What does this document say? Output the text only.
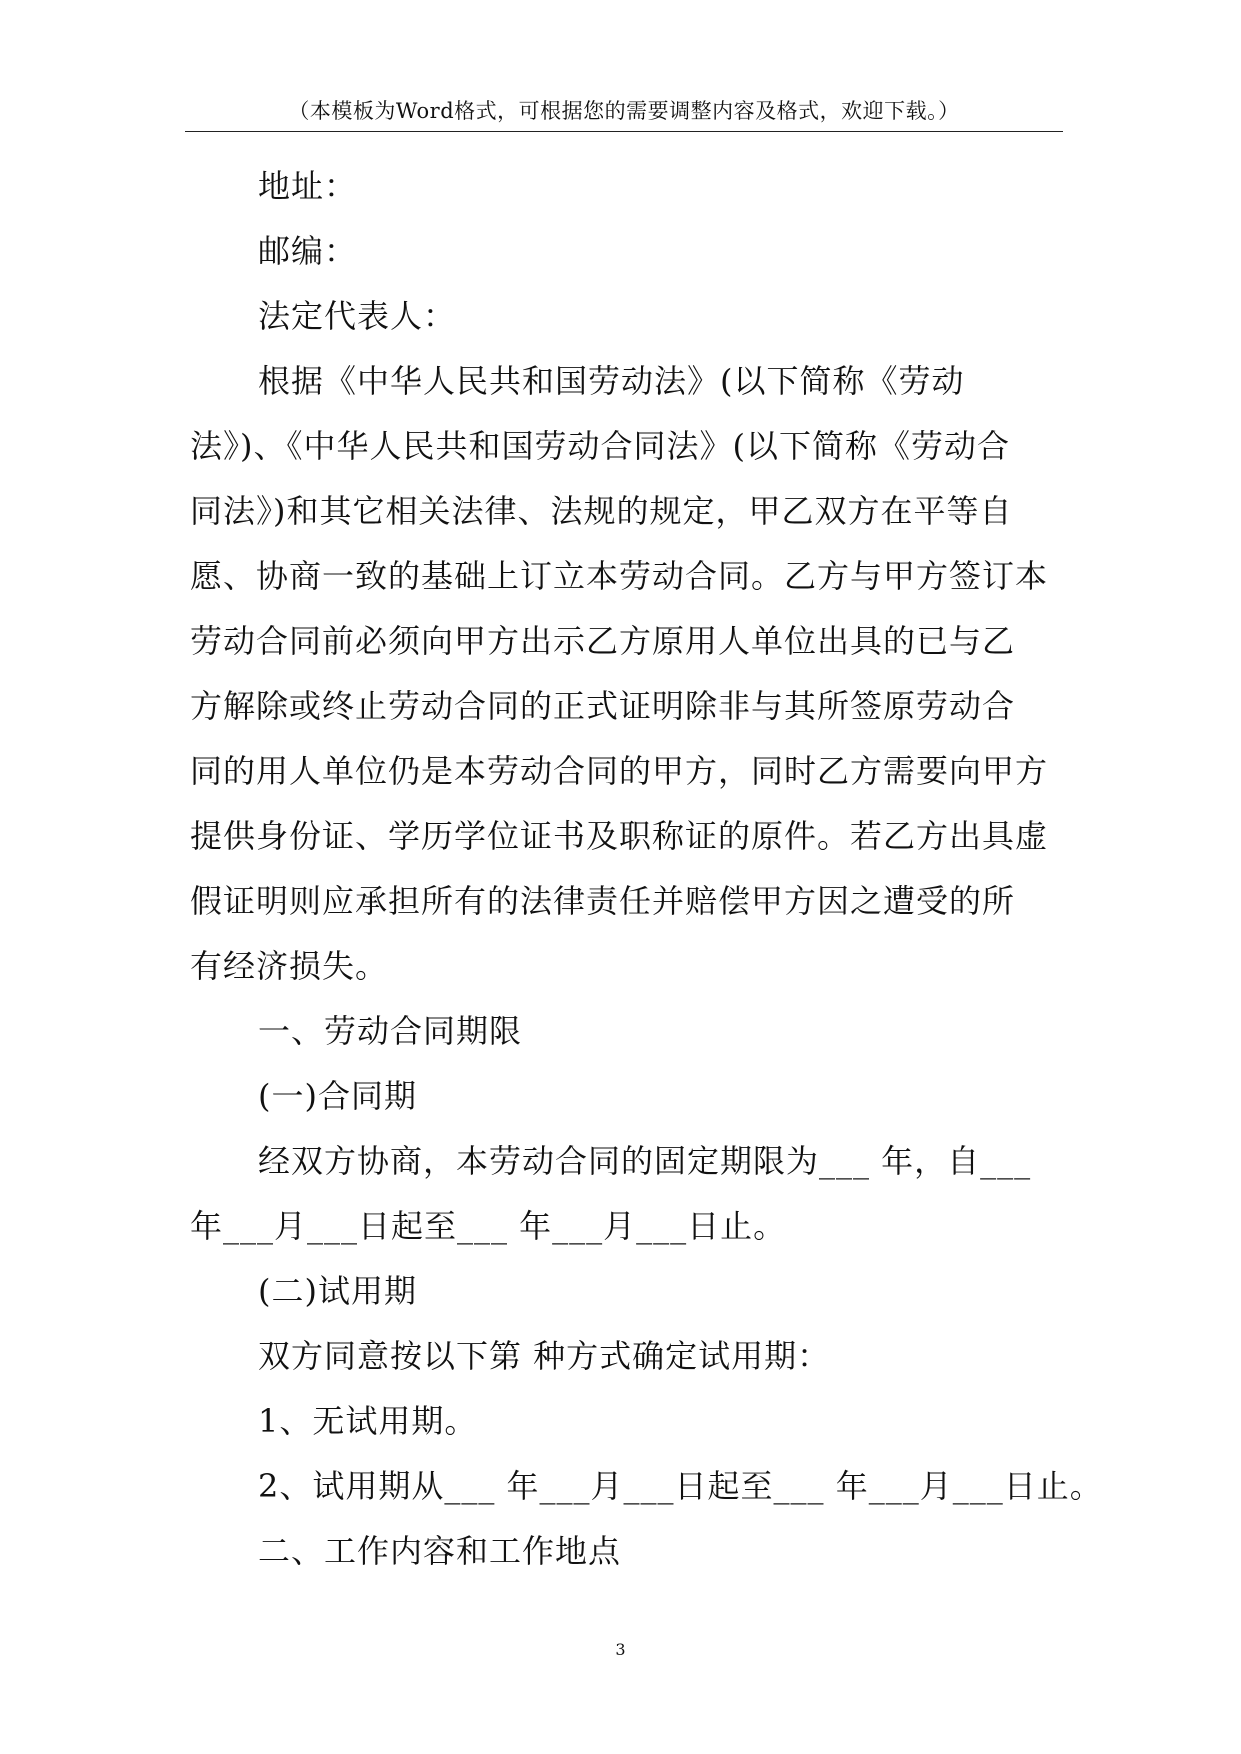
（本模板为Word格式，可根据您的需要调整内容及格式，欢迎下载。）
地址：
邮编：
法定代表人：
根据《中华人民共和国劳动法》(以下简称《劳动
法》)、《中华人民共和国劳动合同法》(以下简称《劳动合
同法》)和其它相关法律、法规的规定，甲乙双方在平等自
愿、协商一致的基础上订立本劳动合同。乙方与甲方签订本
劳动合同前必须向甲方出示乙方原用人单位出具的已与乙
方解除或终止劳动合同的正式证明除非与其所签原劳动合
同的用人单位仍是本劳动合同的甲方，同时乙方需要向甲方
提供身份证、学历学位证书及职称证的原件。若乙方出具虚
假证明则应承担所有的法律责任并赔偿甲方因之遭受的所
有经济损失。
一、劳动合同期限
(一)合同期
经双方协商，本劳动合同的固定期限为___ 年，自___
年___月___日起至___ 年___月___日止。
(二)试用期
双方同意按以下第 种方式确定试用期：
1、无试用期。
2、试用期从___ 年___月___日起至___ 年___月___日止。
二、工作内容和工作地点
3
